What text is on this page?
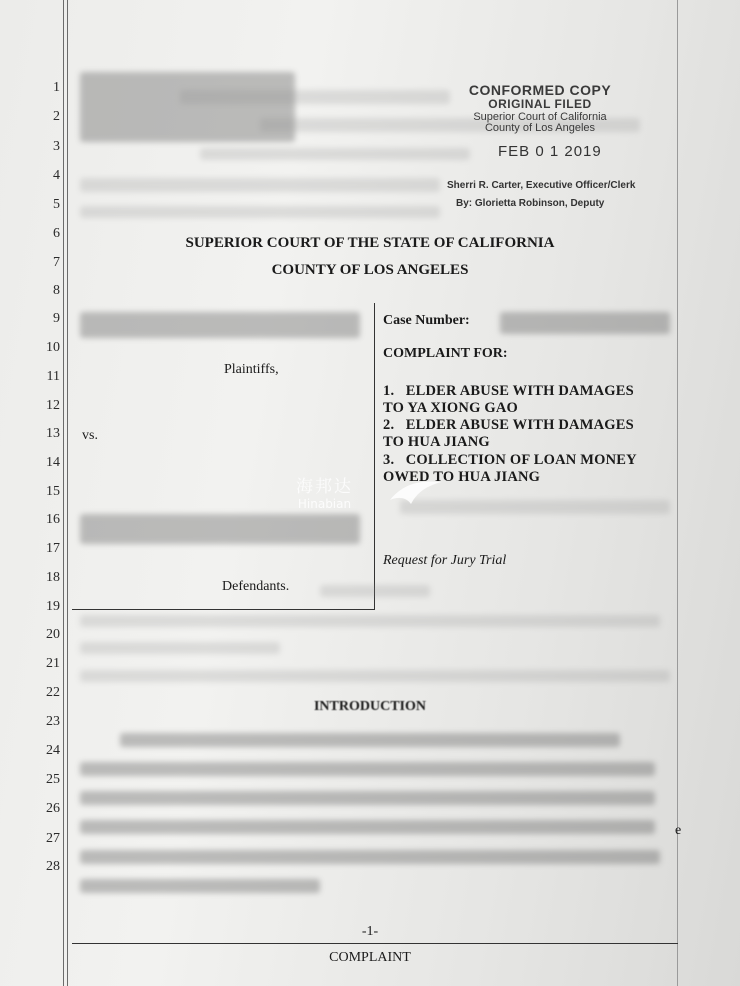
1
2
3
4
5
6
7
8
9
10
11
12
13
14
15
16
17
18
19
20
21
22
23
24
25
26
27
28
CONFORMED COPY
ORIGINAL FILED
Superior Court of California
County of Los Angeles
FEB 0 1 2019
Sherri R. Carter, Executive Officer/Clerk
By: Glorietta Robinson, Deputy
SUPERIOR COURT OF THE STATE OF CALIFORNIA
COUNTY OF LOS ANGELES
Plaintiffs,
vs.
Defendants.
Case Number:
COMPLAINT FOR:
1. ELDER ABUSE WITH DAMAGES
TO YA XIONG GAO
2. ELDER ABUSE WITH DAMAGES
TO HUA JIANG
3. COLLECTION OF LOAN MONEY
OWED TO HUA JIANG
Request for Jury Trial
海邦达
Hinabian
INTRODUCTION
e
-1-
COMPLAINT
